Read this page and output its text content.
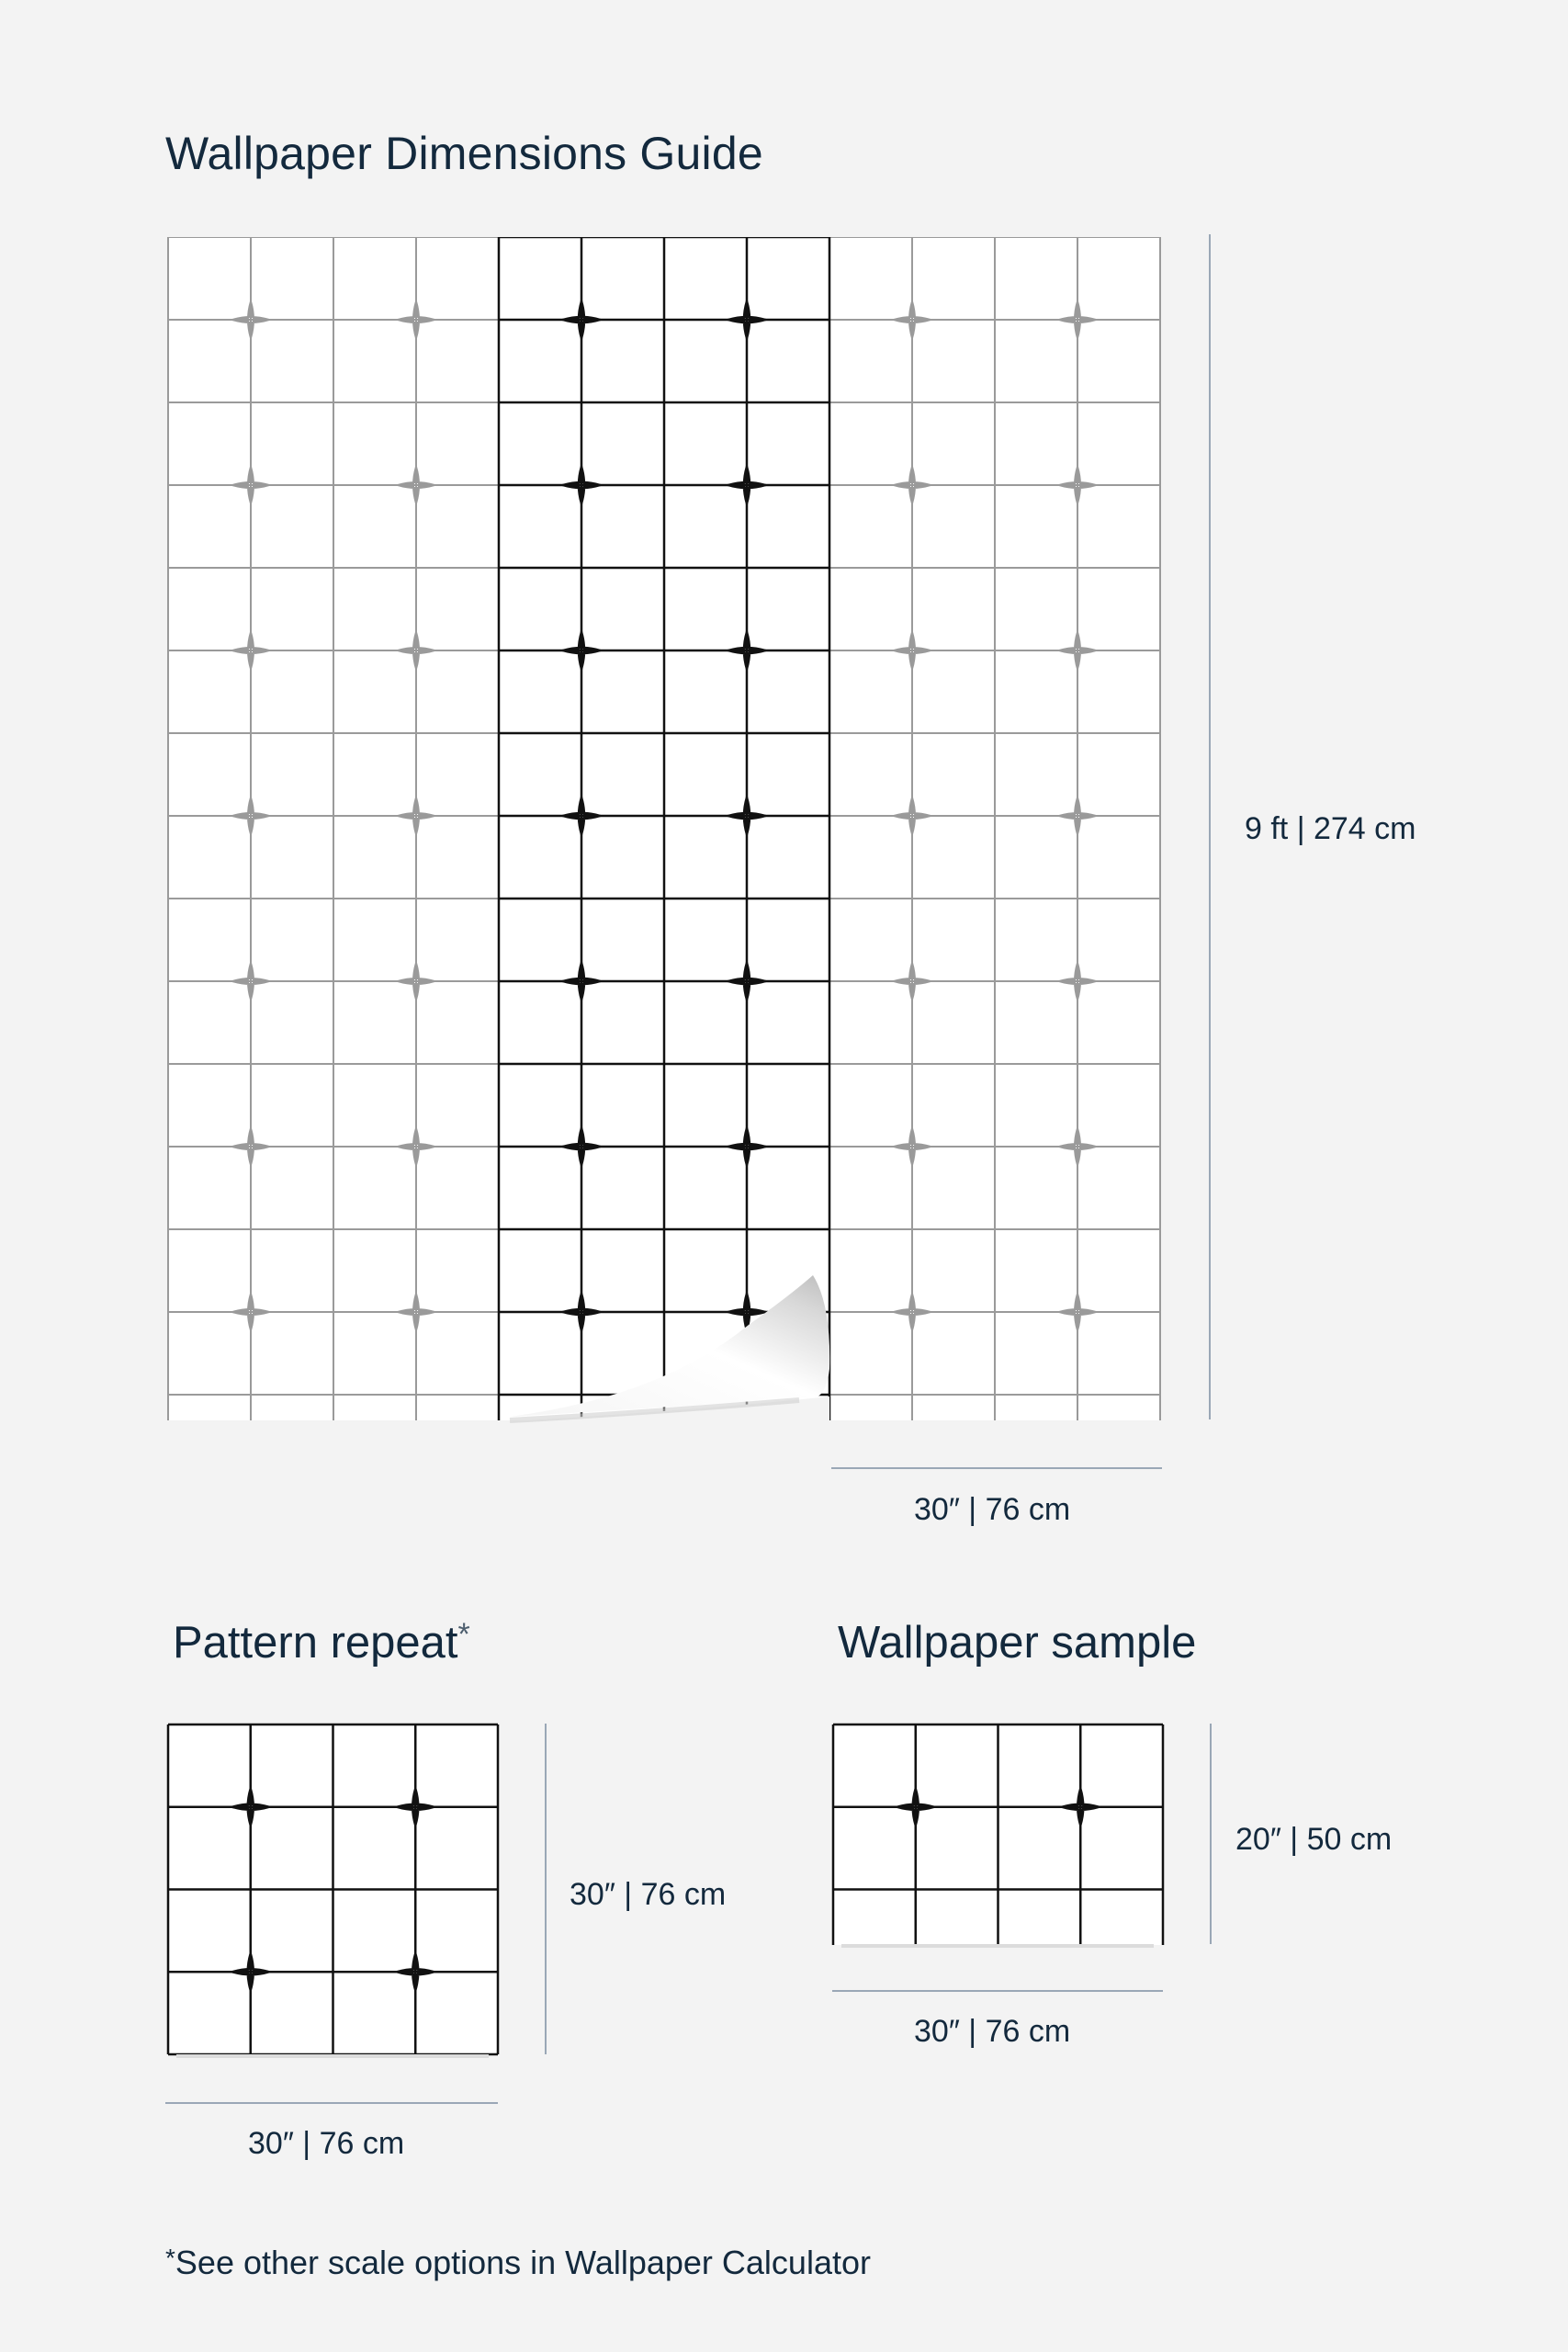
Wallpaper Dimensions Guide
9 ft | 274 cm
30″ | 76 cm
Pattern repeat*
30″ | 76 cm
30″ | 76 cm
Wallpaper sample
20″ | 50 cm
30″ | 76 cm
*See other scale options in Wallpaper Calculator
